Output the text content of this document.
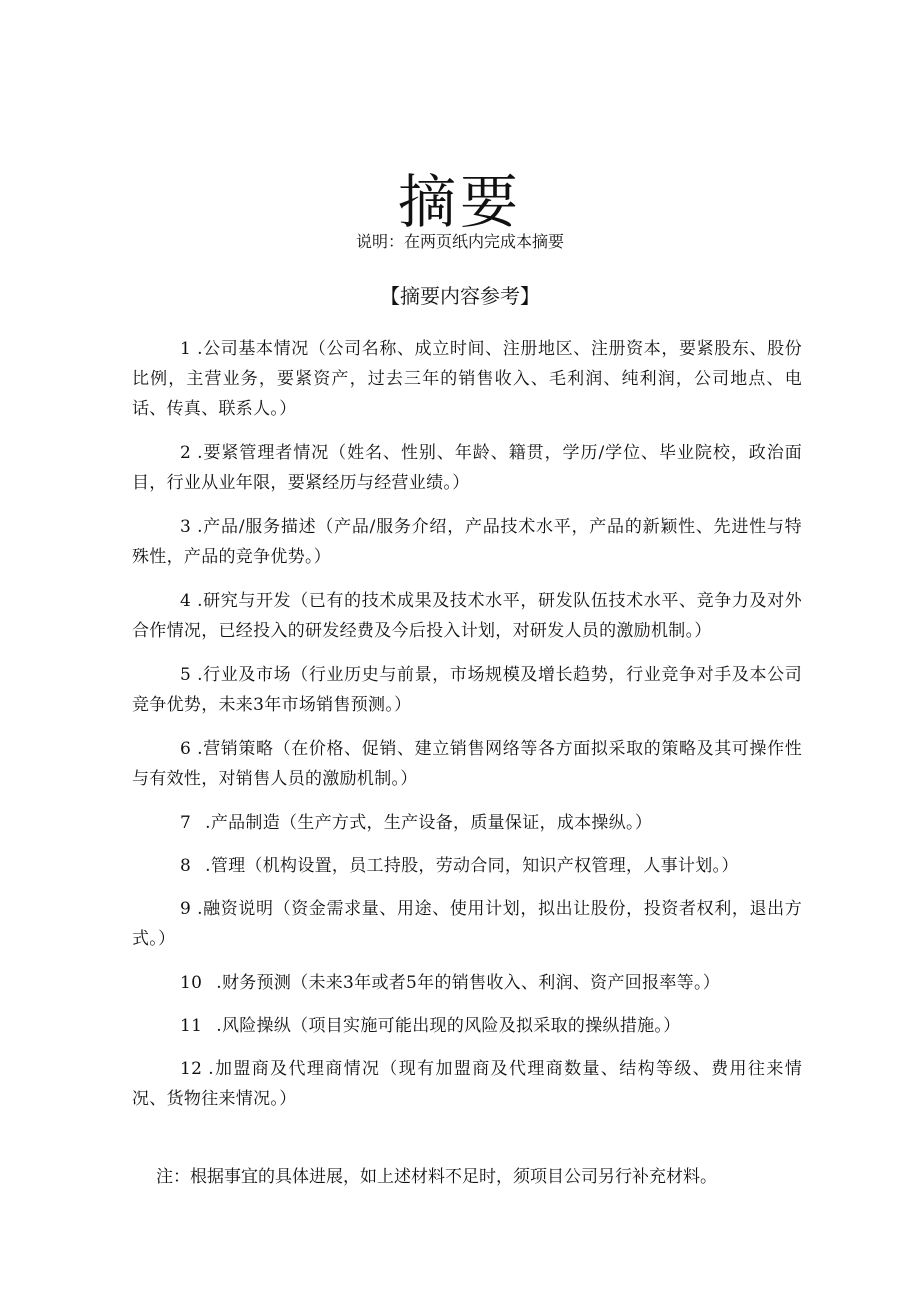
摘要
说明：在两页纸内完成本摘要
【摘要内容参考】

1 .公司基本情况（公司名称、成立时间、注册地区、注册资本，要紧股东、股份比例，主营业务，要紧资产，过去三年的销售收入、毛利润、纯利润，公司地点、电话、传真、联系人。）

2 .要紧管理者情况（姓名、性别、年龄、籍贯，学历/学位、毕业院校，政治面目，行业从业年限，要紧经历与经营业绩。）

3 .产品/服务描述（产品/服务介绍，产品技术水平，产品的新颖性、先进性与特殊性，产品的竞争优势。）

4 .研究与开发（已有的技术成果及技术水平，研发队伍技术水平、竞争力及对外合作情况，已经投入的研发经费及今后投入计划，对研发人员的激励机制。）

5 .行业及市场（行业历史与前景，市场规模及增长趋势，行业竞争对手及本公司竞争优势，未来3年市场销售预测。）

6 .营销策略（在价格、促销、建立销售网络等各方面拟采取的策略及其可操作性与有效性，对销售人员的激励机制。）

7 .产品制造（生产方式，生产设备，质量保证，成本操纵。）

8 .管理（机构设置，员工持股，劳动合同，知识产权管理，人事计划。）

9 .融资说明（资金需求量、用途、使用计划，拟出让股份，投资者权利，退出方式。）

10 .财务预测（未来3年或者5年的销售收入、利润、资产回报率等。）

11 .风险操纵（项目实施可能出现的风险及拟采取的操纵措施。）

12 .加盟商及代理商情况（现有加盟商及代理商数量、结构等级、费用往来情况、货物往来情况。）

注：根据事宜的具体进展，如上述材料不足时，须项目公司另行补充材料。
